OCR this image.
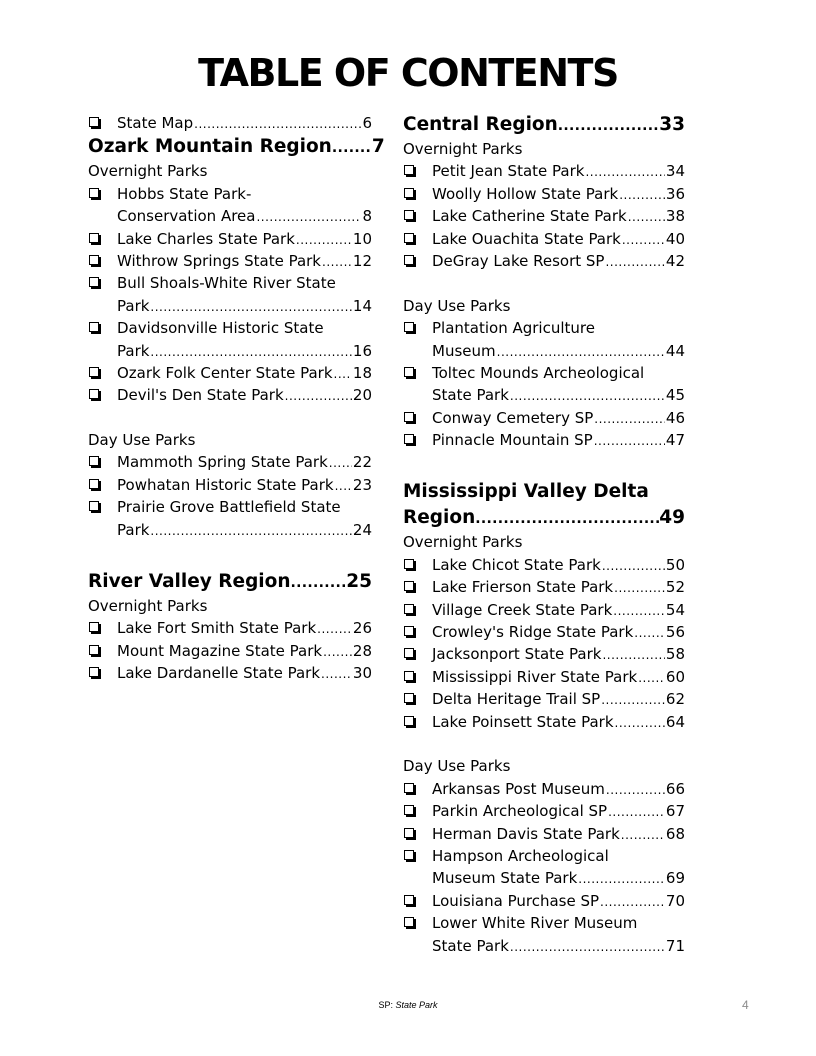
TABLE OF CONTENTS
State Map .....	6
Ozark Mountain Region ..... 7
Overnight Parks
Hobbs State Park-
Conservation Area .....	8
Lake Charles State Park .....	10
Withrow Springs State Park ..... 12
Bull Shoals-White River State
Park .....	14
Davidsonville Historic State
Park .....	16
Ozark Folk Center State Park ..... 18
Devil's Den State Park .....	20
Day Use Parks
Mammoth Spring State Park ..... 22
Powhatan Historic State Park ..... 23
Prairie Grove Battlefield State
Park .....	24
River Valley Region .....	25
Overnight Parks
Lake Fort Smith State Park ..... 26
Mount Magazine State Park ..... 28
Lake Dardanelle State Park ..... 30
Central Region .....	33
Overnight Parks
Petit Jean State Park .....	34
Woolly Hollow State Park .....	36
Lake Catherine State Park .....	38
Lake Ouachita State Park .....	40
DeGray Lake Resort SP .....	42
Day Use Parks
Plantation Agriculture
Museum .....	44
Toltec Mounds Archeological
State Park .....	45
Conway Cemetery SP .....	46
Pinnacle Mountain SP .....	47
Mississippi Valley Delta
Region .....	49
Overnight Parks
Lake Chicot State Park .....	50
Lake Frierson State Park .....	52
Village Creek State Park .....	54
Crowley's Ridge State Park ..... 56
Jacksonport State Park .....	58
Mississippi River State Park ..... 60
Delta Heritage Trail SP .....	62
Lake Poinsett State Park .....	64
Day Use Parks
Arkansas Post Museum .....	66
Parkin Archeological SP .....	67
Herman Davis State Park .....	68
Hampson Archeological
Museum State Park .....	69
Louisiana Purchase SP .....	70
Lower White River Museum
State Park .....	71
SP: State Park	4
